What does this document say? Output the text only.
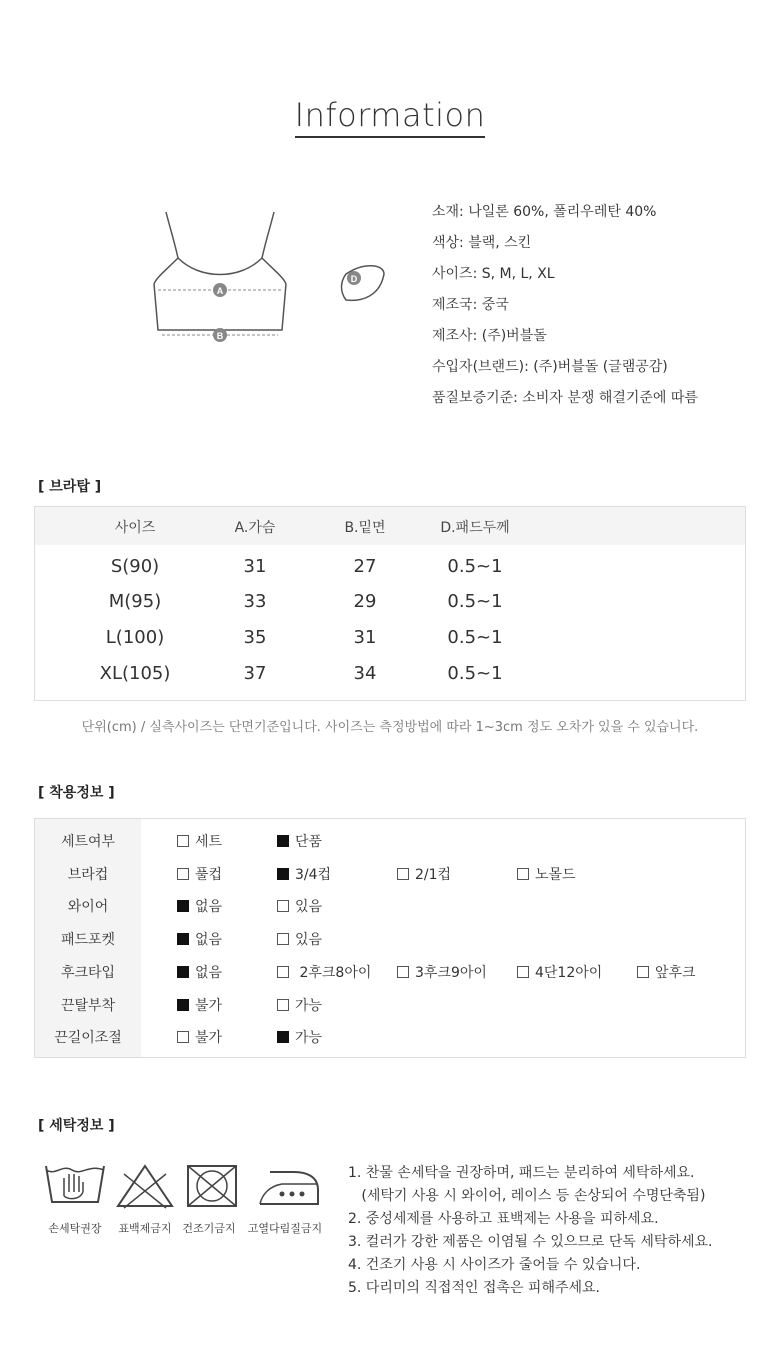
Information
A
B
D
소재: 나일론 60%, 폴리우레탄 40%
색상: 블랙, 스킨
사이즈: S, M, L, XL
제조국: 중국
제조사: (주)버블돌
수입자(브랜드): (주)버블돌 (글램공감)
품질보증기준: 소비자 분쟁 해결기준에 따름
[ 브라탑 ]
사이즈	A.가슴	B.밑면	D.패드두께
S(90)	31	27	0.5~1
M(95)	33	29	0.5~1
L(100)	35	31	0.5~1
XL(105)	37	34	0.5~1
단위(cm) / 실측사이즈는 단면기준입니다. 사이즈는 측정방법에 따라 1~3cm 정도 오차가 있을 수 있습니다.
[ 착용정보 ]
세트여부	세트	단품
브라컵	풀컵	3/4컵	2/1컵	노몰드
와이어	없음	있음
패드포켓	없음	있음
후크타입	없음	2후크8아이	3후크9아이	4단12아이	앞후크
끈탈부착	불가	가능
끈길이조절	불가	가능
[ 세탁정보 ]
손세탁권장	표백제금지 건조기금지	고열다림질금지
1. 찬물 손세탁을 권장하며, 패드는 분리하여 세탁하세요.
(세탁기 사용 시 와이어, 레이스 등 손상되어 수명단축됨)
2. 중성세제를 사용하고 표백제는 사용을 피하세요.
3. 컬러가 강한 제품은 이염될 수 있으므로 단독 세탁하세요.
4. 건조기 사용 시 사이즈가 줄어들 수 있습니다.
5. 다리미의 직접적인 접촉은 피해주세요.
